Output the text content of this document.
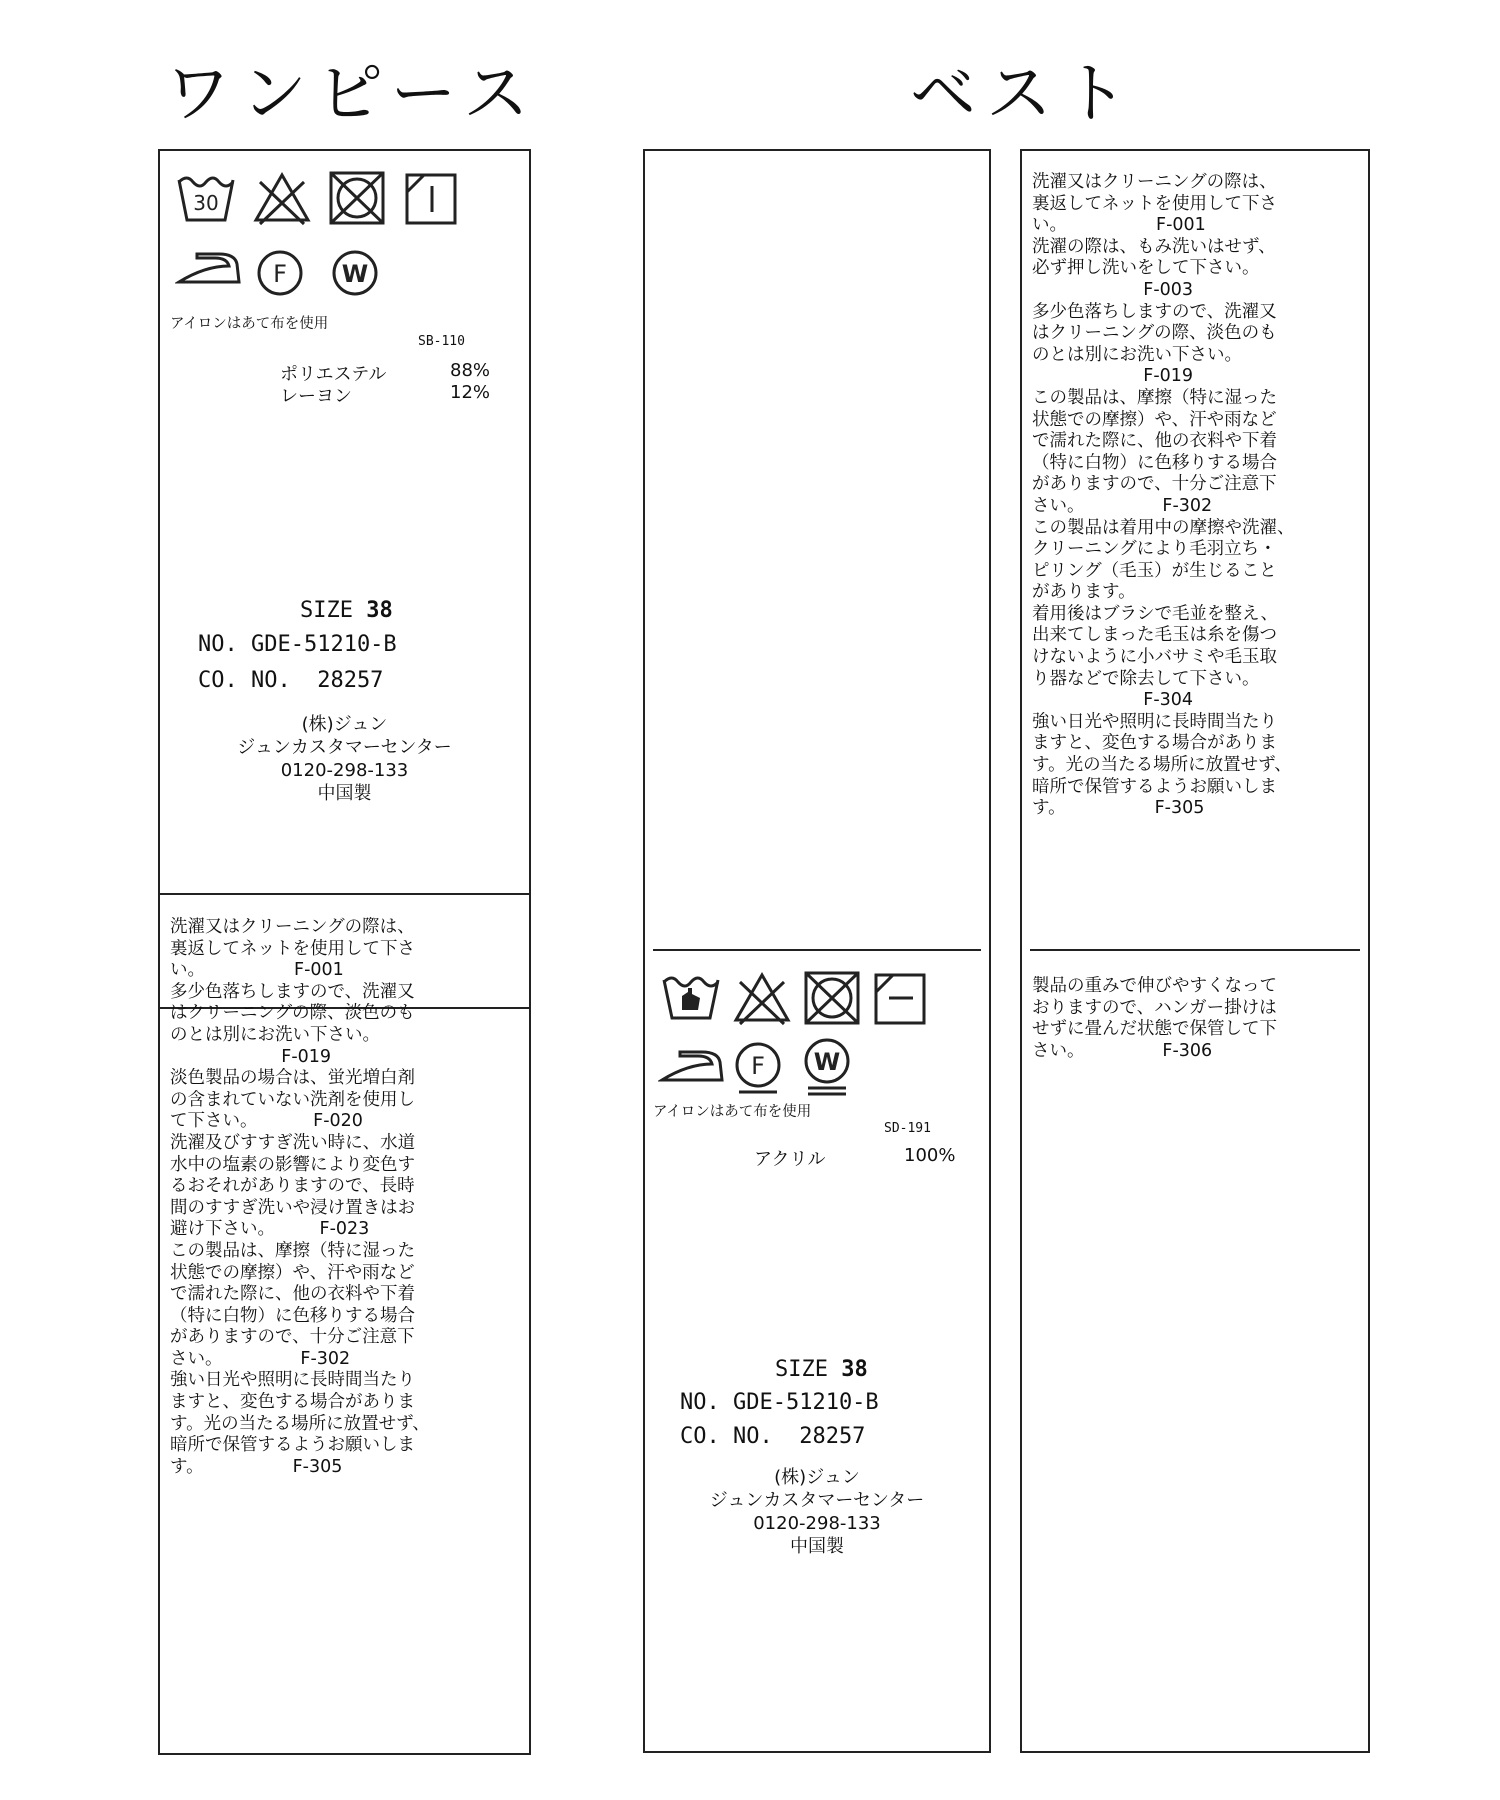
ワンピース	ベスト
30
F W
アイロンはあて布を使用
SB-110
ポリエステル	88%
レーヨン	12%
SIZE 38
NO. GDE-51210-B
CO. NO.  28257
(株)ジュン
ジュンカスタマーセンター
0120-298-133
中国製
洗濯又はクリーニングの際は、
裏返してネットを使用して下さ
い。                F-001
多少色落ちしますので、洗濯又
はクリーニングの際、淡色のも
のとは別にお洗い下さい。
F-019
淡色製品の場合は、蛍光増白剤
の含まれていない洗剤を使用し
て下さい。          F-020
洗濯及びすすぎ洗い時に、水道
水中の塩素の影響により変色す
るおそれがありますので、長時
間のすすぎ洗いや浸け置きはお
避け下さい。        F-023
この製品は、摩擦（特に湿った
状態での摩擦）や、汗や雨など
で濡れた際に、他の衣料や下着
（特に白物）に色移りする場合
がありますので、十分ご注意下
さい。              F-302
強い日光や照明に長時間当たり
ますと、変色する場合がありま
す。光の当たる場所に放置せず、
暗所で保管するようお願いしま
す。                F-305
F W
アイロンはあて布を使用
SD-191
アクリル	100%
SIZE 38
NO. GDE-51210-B
CO. NO.  28257
(株)ジュン
ジュンカスタマーセンター
0120-298-133
中国製
洗濯又はクリーニングの際は、
裏返してネットを使用して下さ
い。                F-001
洗濯の際は、もみ洗いはせず、
必ず押し洗いをして下さい。
F-003
多少色落ちしますので、洗濯又
はクリーニングの際、淡色のも
のとは別にお洗い下さい。
F-019
この製品は、摩擦（特に湿った
状態での摩擦）や、汗や雨など
で濡れた際に、他の衣料や下着
（特に白物）に色移りする場合
がありますので、十分ご注意下
さい。              F-302
この製品は着用中の摩擦や洗濯、
クリーニングにより毛羽立ち・
ピリング（毛玉）が生じること
があります。
着用後はブラシで毛並を整え、
出来てしまった毛玉は糸を傷つ
けないように小バサミや毛玉取
り器などで除去して下さい。
F-304
強い日光や照明に長時間当たり
ますと、変色する場合がありま
す。光の当たる場所に放置せず、
暗所で保管するようお願いしま
す。                F-305
製品の重みで伸びやすくなって
おりますので、ハンガー掛けは
せずに畳んだ状態で保管して下
さい。              F-306
